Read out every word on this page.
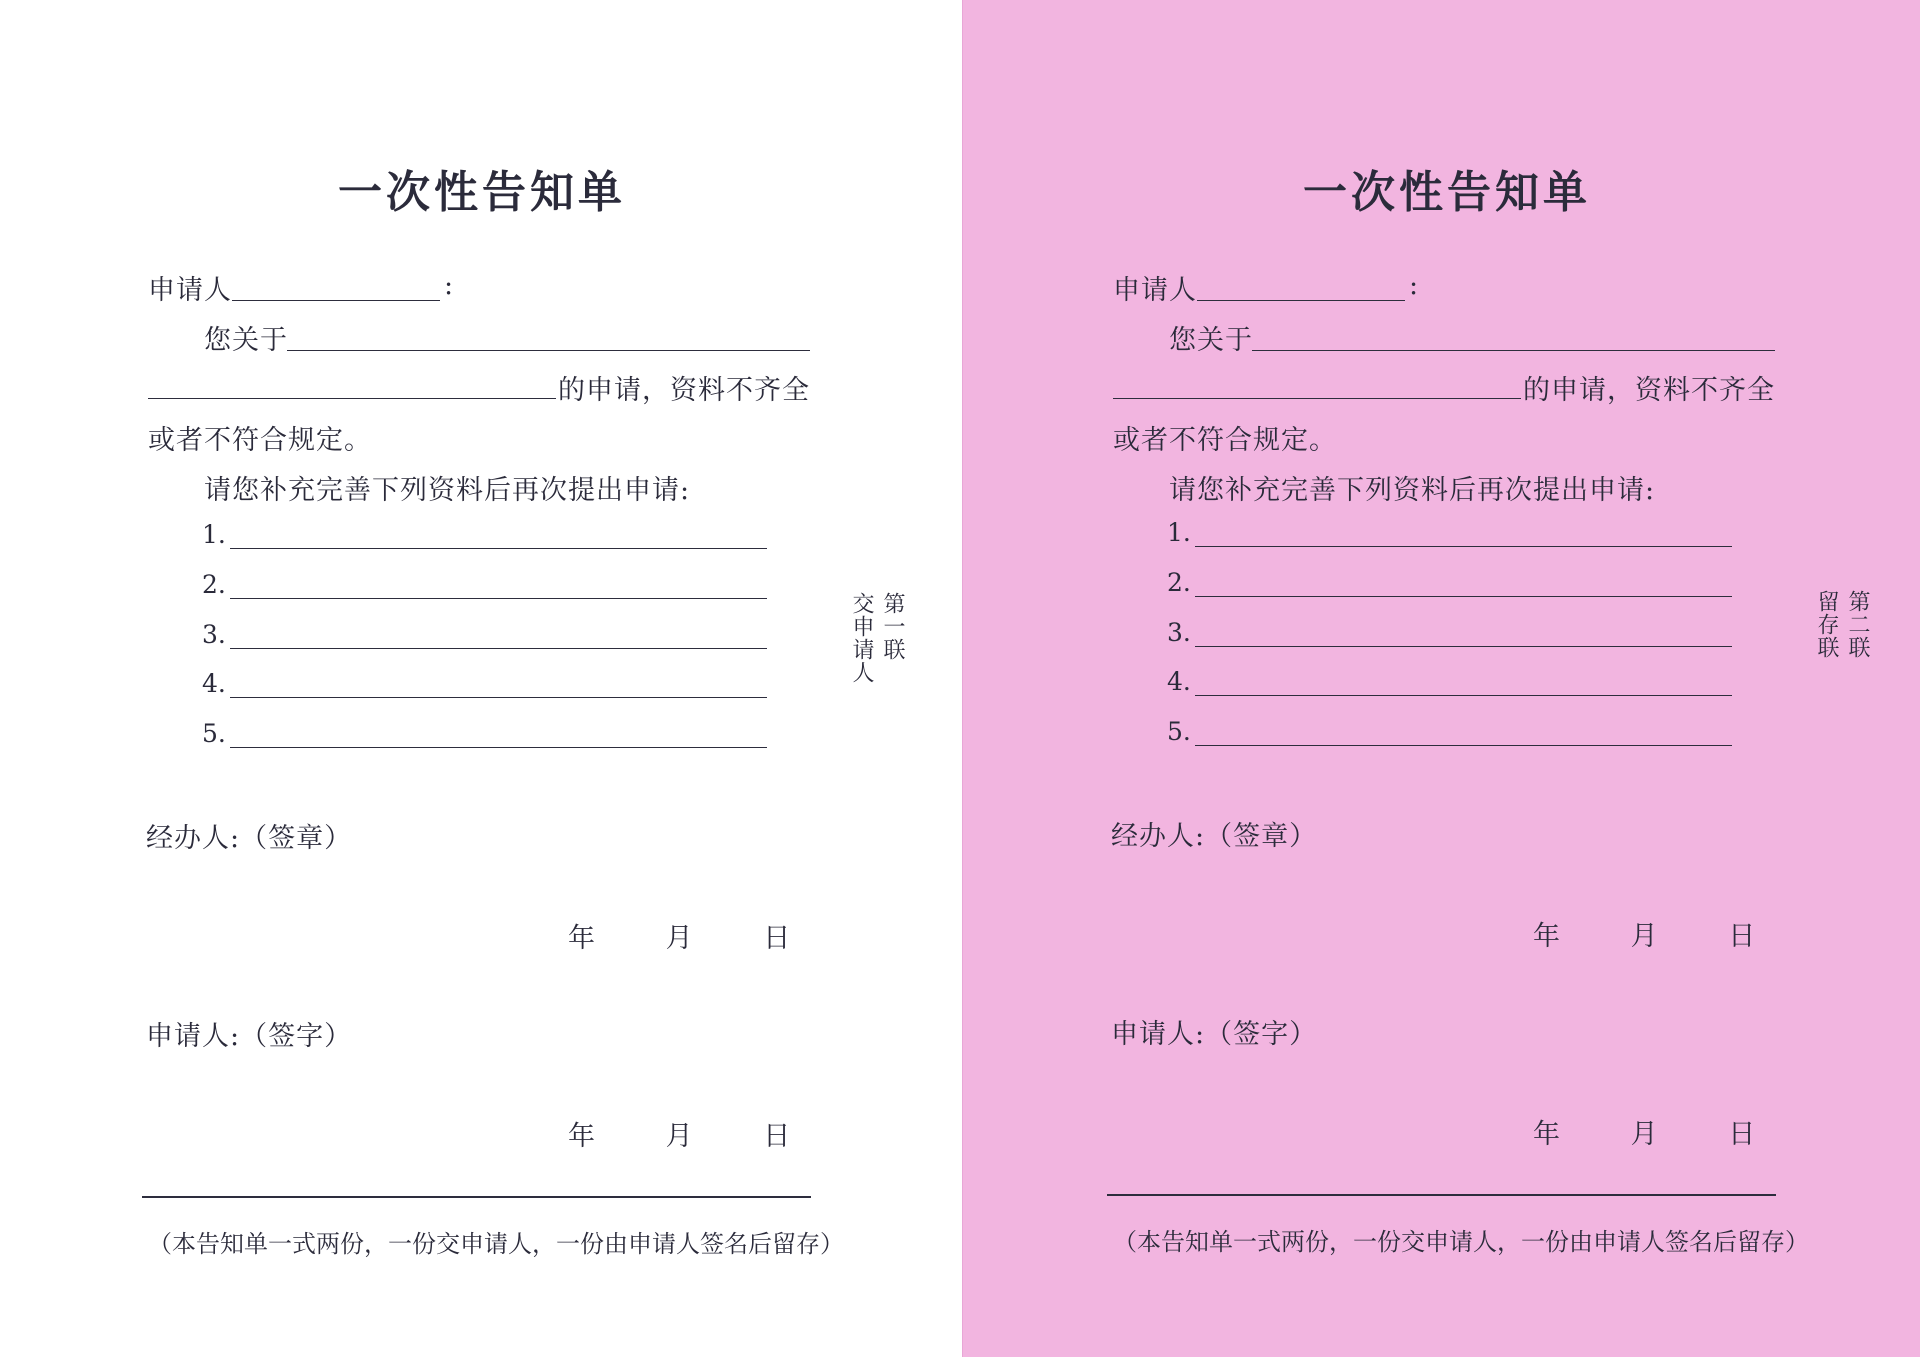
一次性告知单
申请人	:
您关于
的申请，资料不齐全
或者不符合规定。
请您补充完善下列资料后再次提出申请:
1.
2.
3.
4.
5.
第一联
交申请人
经办人:（签章）
年	月	日
申请人:（签字）
年	月	日
（本告知单一式两份，一份交申请人，一份由申请人签名后留存）
一次性告知单
申请人	:
您关于
的申请，资料不齐全
或者不符合规定。
请您补充完善下列资料后再次提出申请:
1.
2.
3.
4.
5.
第二联
留存联
经办人:（签章）
年	月	日
申请人:（签字）
年	月	日
（本告知单一式两份，一份交申请人，一份由申请人签名后留存）
